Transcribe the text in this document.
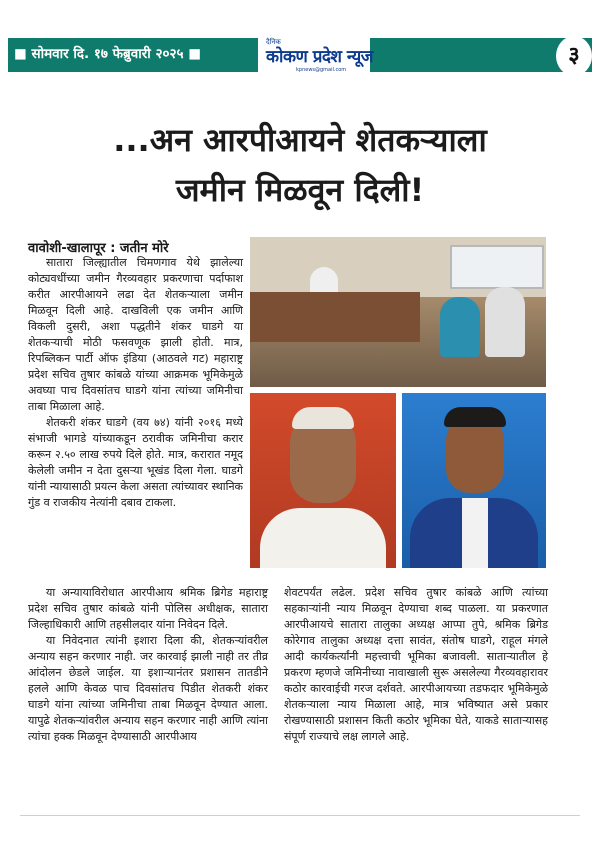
■ सोमवार दि. १७ फेब्रुवारी २०२५ ■
दैनिक
कोकण प्रदेश न्यूज
kpnews@gmail.com
३
...अन आरपीआयने शेतकऱ्याला
जमीन मिळवून दिली!
वावोशी-खालापूर : जतीन मोरे

सातारा जिल्ह्यातील चिमणगाव येथे झालेल्या कोट्यवधींच्या जमीन गैरव्यवहार प्रकरणाचा पर्दाफाश करीत आरपीआयने लढा देत शेतकऱ्याला जमीन मिळवून दिली आहे. दाखविली एक जमीन आणि विकली दुसरी, अशा पद्धतीने शंकर घाडगे या शेतकऱ्याची मोठी फसवणूक झाली होती. मात्र, रिपब्लिकन पार्टी ऑफ इंडिया (आठवले गट) महाराष्ट्र प्रदेश सचिव तुषार कांबळे यांच्या आक्रमक भूमिकेमुळे अवघ्या पाच दिवसांतच घाडगे यांना त्यांच्या जमिनीचा ताबा मिळाला आहे.

शेतकरी शंकर घाडगे (वय ७४) यांनी २०१६ मध्ये संभाजी भागडे यांच्याकडून ठरावीक जमिनीचा करार करून २.५० लाख रुपये दिले होते. मात्र, करारात नमूद केलेली जमीन न देता दुसऱ्या भूखंड दिला गेला. घाडगे यांनी न्यायासाठी प्रयत्न केला असता त्यांच्यावर स्थानिक गुंड व राजकीय नेत्यांनी दबाव टाकला.

या अन्यायाविरोधात आरपीआय श्रमिक ब्रिगेड महाराष्ट्र प्रदेश सचिव तुषार कांबळे यांनी पोलिस अधीक्षक, सातारा जिल्हाधिकारी आणि तहसीलदार यांना निवेदन दिले.

या निवेदनात त्यांनी इशारा दिला की, शेतकऱ्यांवरील अन्याय सहन करणार नाही. जर कारवाई झाली नाही तर तीव्र आंदोलन छेडले जाईल. या इशाऱ्यानंतर प्रशासन तातडीने हलले आणि केवळ पाच दिवसांतच पिडीत शेतकरी शंकर घाडगे यांना त्यांच्या जमिनीचा ताबा मिळवून देण्यात आला. यापुढे शेतकऱ्यांवरील अन्याय सहन करणार नाही आणि त्यांना त्यांचा हक्क मिळवून देण्यासाठी आरपीआय

शेवटपर्यंत लढेल. प्रदेश सचिव तुषार कांबळे आणि त्यांच्या सहकाऱ्यांनी न्याय मिळवून देण्याचा शब्द पाळला. या प्रकरणात आरपीआयचे सातारा तालुका अध्यक्ष आप्पा तुपे, श्रमिक ब्रिगेड कोरेगाव तालुका अध्यक्ष दत्ता सावंत, संतोष घाडगे, राहूल मंगले आदी कार्यकर्त्यांनी महत्त्वाची भूमिका बजावली. साताऱ्यातील हे प्रकरण म्हणजे जमिनीच्या नावाखाली सुरू असलेल्या गैरव्यवहारावर कठोर कारवाईची गरज दर्शवते. आरपीआयच्या तडफदार भूमिकेमुळे शेतकऱ्याला न्याय मिळाला आहे, मात्र भविष्यात असे प्रकार रोखण्यासाठी प्रशासन किती कठोर भूमिका घेते, याकडे साताऱ्यासह संपूर्ण राज्याचे लक्ष लागले आहे.
